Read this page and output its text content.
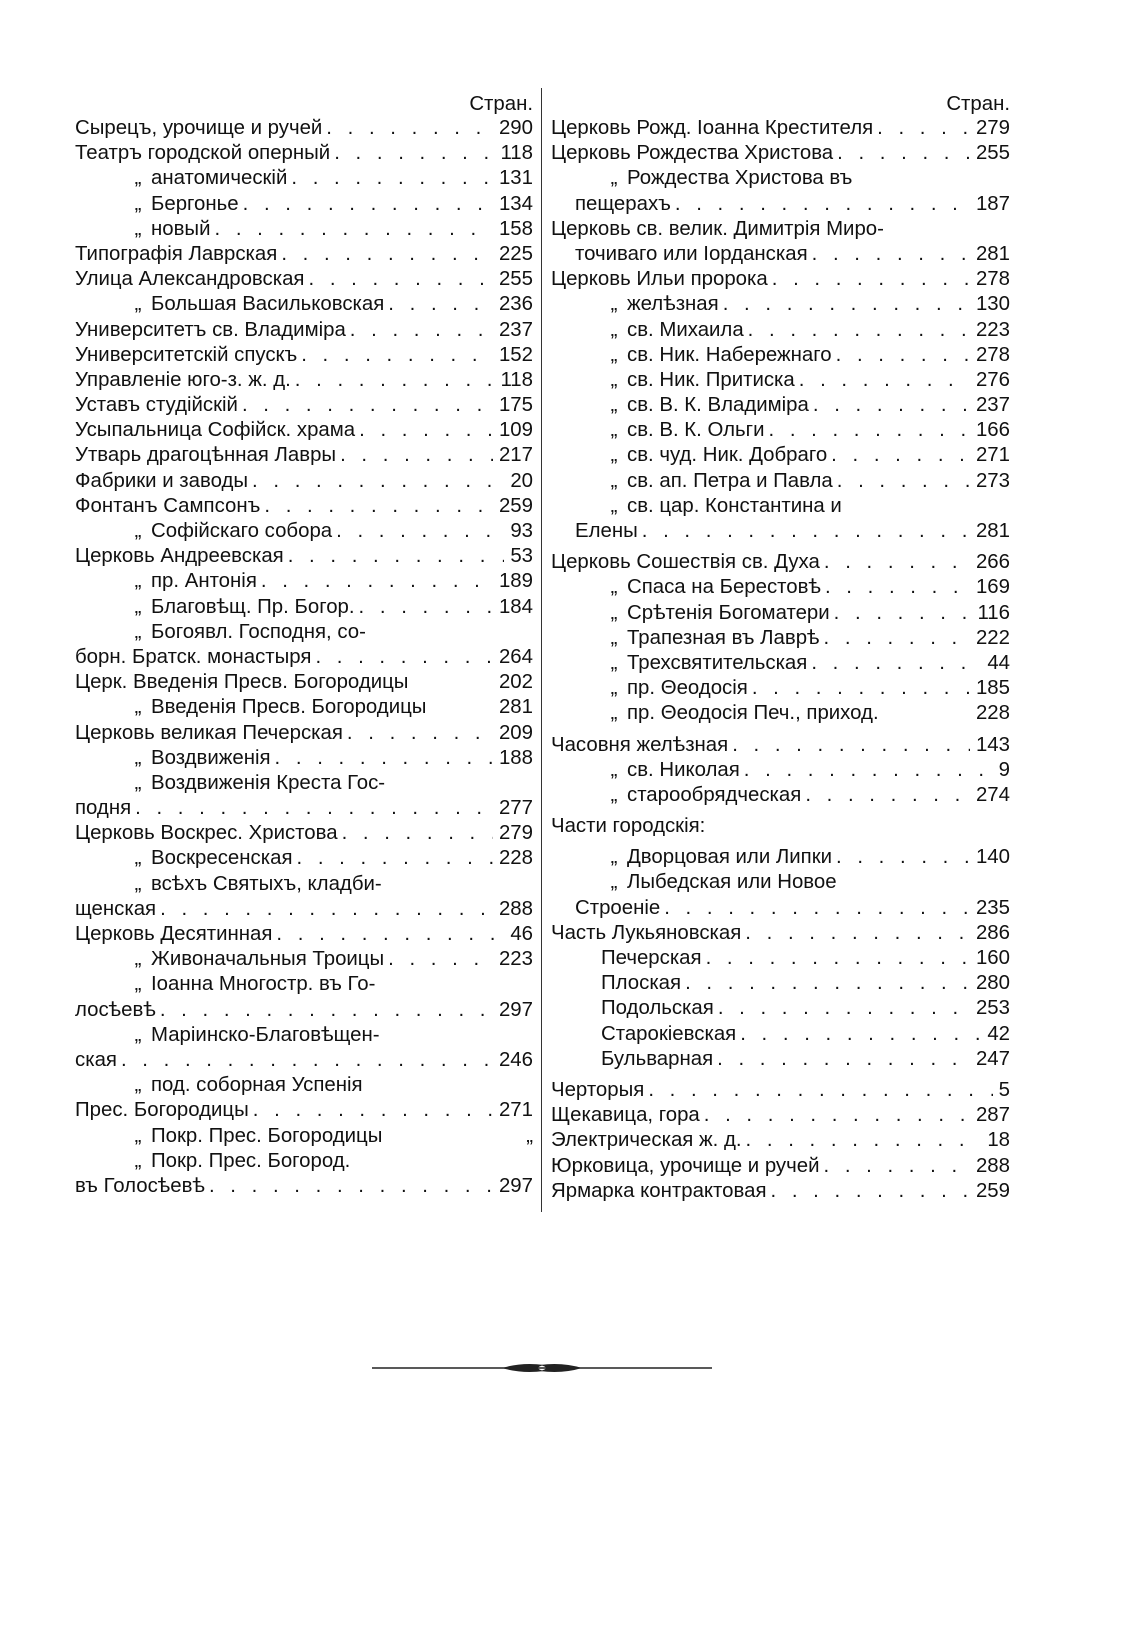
Стран.
Сырецъ, урочище и ручей . . .	290
Театръ городской оперный . . .	118
„ анатомическій . . .	131
„ Бергонье . . .	134
„ новый . . .	158
Типографія Лаврская . . .	225
Улица Александровская . . .	255
„ Большая Васильковская . . .	236
Университетъ св. Владиміра . . .	237
Университетскій спускъ . . .	152
Управленіе юго-з. ж. д. . . .	118
Уставъ студійскій . . .	175
Усыпальница Софійск. храма . . .	109
Утварь драгоцѣнная Лавры . . .	217
Фабрики и заводы . . .	20
Фонтанъ Сампсонъ . . .	259
„ Софійскаго собора . . .	93
Церковь Андреевская . . .	53
„ пр. Антонія . . .	189
„ Благовѣщ. Пр. Богор. . . .	184
„ Богоявл. Господня, со-
борн. Братск. монастыря . . .	264
Церк. Введенія Пресв. Богородицы	202
„ Введенія Пресв. Богородицы	281
Церковь великая Печерская . . .	209
„ Воздвиженія . . .	188
„ Воздвиженія Креста Гос-
подня . . .	277
Церковь Воскрес. Христова . . .	279
„ Воскресенская . . .	228
„ всѣхъ Святыхъ, кладби-
щенская . . .	288
Церковь Десятинная . . .	46
„ Живоначальныя Троицы . . .	223
„ Іоанна Многостр. въ Го-
лосѣевѣ . . .	297
„ Маріинско-Благовѣщен-
ская . . .	246
„ под. соборная Успенія
Прес. Богородицы . . .	271
„ Покр. Прес. Богородицы	„
„ Покр. Прес. Богород.
въ Голосѣевѣ . . .	297
Стран.
Церковь Рожд. Іоанна Крестителя . . .	279
Церковь Рождества Христова . . .	255
„ Рождества Христова въ
пещерахъ . . .	187
Церковь св. велик. Димитрія Миро-
точиваго или Іорданская . . .	281
Церковь Ильи пророка . . .	278
„ желѣзная . . .	130
„ св. Михаила . . .	223
„ св. Ник. Набережнаго . . .	278
„ св. Ник. Притиска . . .	276
„ св. В. К. Владиміра . . .	237
„ св. В. К. Ольги . . .	166
„ св. чуд. Ник. Добраго . . .	271
„ св. ап. Петра и Павла . . .	273
„ св. цар. Константина и
Елены . . .	281
Церковь Сошествія св. Духа . . .	266
„ Спаса на Берестовѣ . . .	169
„ Срѣтенія Богоматери . . .	116
„ Трапезная въ Лаврѣ . . .	222
„ Трехсвятительская . . .	44
„ пр. Θеодосія . . .	185
„ пр. Θеодосія Печ., приход.	228
Часовня желѣзная . . .	143
„ св. Николая . . .	9
„ старообрядческая . . .	274
Части городскія:
„ Дворцовая или Липки . . .	140
„ Лыбедская или Новое
Строеніе . . .	235
Часть Лукьяновская . . .	286
Печерская . . .	160
Плоская . . .	280
Подольская . . .	253
Старокіевская . . .	42
Бульварная . . .	247
Черторыя . . .	5
Щекавица, гора . . .	287
Электрическая ж. д. . . .	18
Юрковица, урочище и ручей . . .	288
Ярмарка контрактовая . . .	259
